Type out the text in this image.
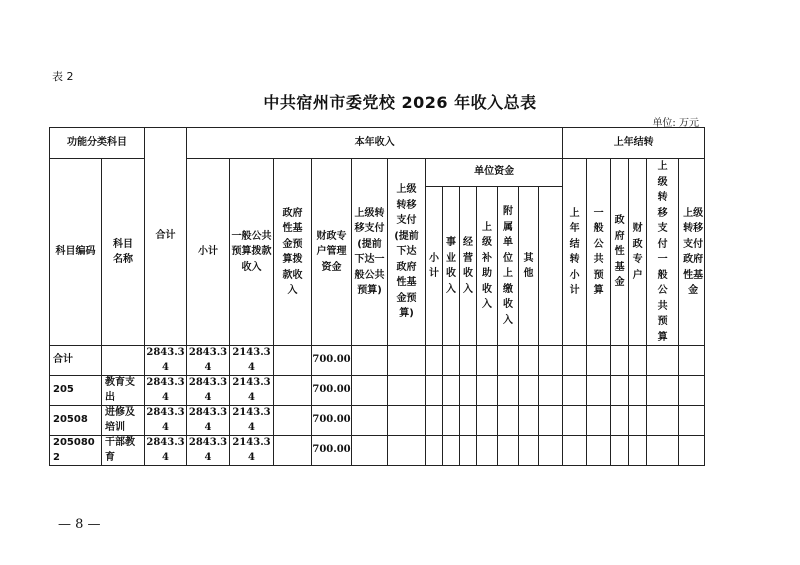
表 2
中共宿州市委党校 2026 年收入总表
单位: 万元
功能分类科目		合计	本年收入													上年结转						
科目编码	科目名称		小计	一般公共预算拨款收入	政府性基金预算拨款收入	财政专户管理资金	上级转移支付(提前下达一般公共预算)	上级转移支付(提前下达政府性基金预算)	单位资金							上年结转小计	一般公共预算	政府性基金	财政专户	上级转移支付一般公共预算	上级转移支付政府性基金	
									小计	事业收入	经营收入	上级补助收入	附属单位上缴收入	其他								
合计		2843.34	2843.34	2143.34		700.00																
205	教育支出	2843.34	2843.34	2143.34		700.00																
20508	进修及培训	2843.34	2843.34	2143.34		700.00																
2050802	干部教育	2843.34	2843.34	2143.34		700.00																
— 8 —
